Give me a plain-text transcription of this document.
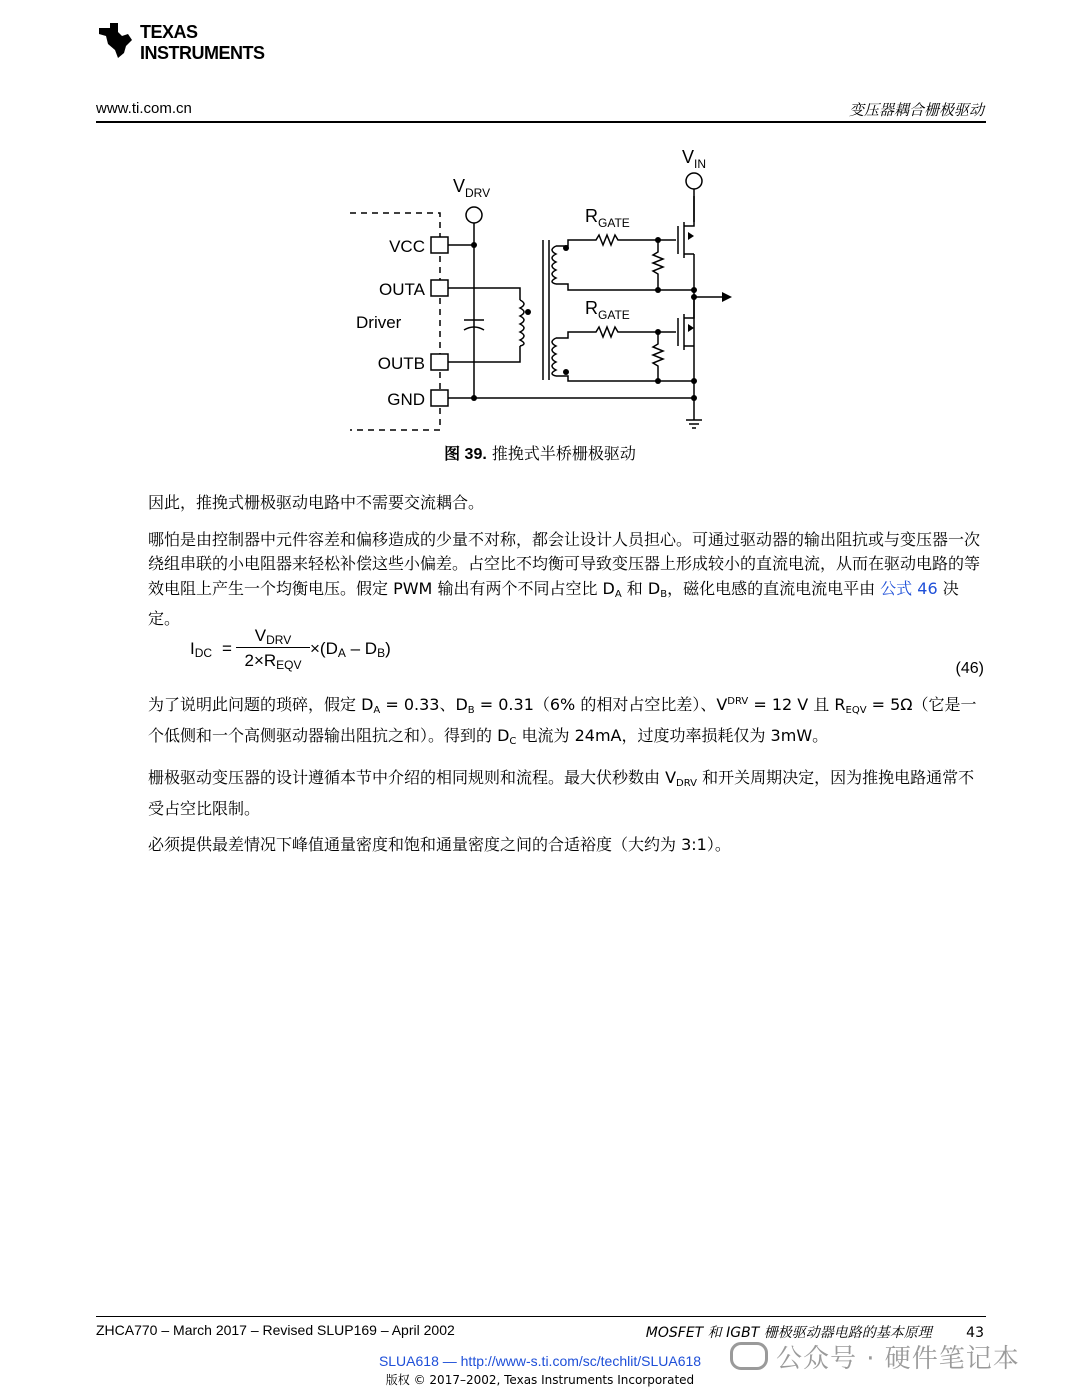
TEXAS
INSTRUMENTS
www.ti.com.cn	变压器耦合栅极驱动
$V_{IN}$
$V_{DRV}$
$R_{GATE}$
$R_{GATE}$
VCC
OUTA
Driver
OUTB
GND
图 39. 推挽式半桥栅极驱动

因此，推挽式栅极驱动电路中不需要交流耦合。

哪怕是由控制器中元件容差和偏移造成的少量不对称，都会让设计人员担心。可通过驱动器的输出阻抗或与变压器一次绕组串联的小电阻器来轻松补偿这些小偏差。占空比不均衡可导致变压器上形成较小的直流电流，从而在驱动电路的等效电阻上产生一个均衡电压。假定 PWM 输出有两个不同占空比 $D_A$ 和 $D_B$，磁化电感的直流电流电平由 公式 46 决定。

$I_{DC}$ =
$V_{DRV}$
$2\times R_{EQV}$
$\times(D_A - D_B)$
(46)

为了说明此问题的琐碎，假定 $D_A = 0.33$、$D_B = 0.31(6\%$ 的相对占空比差）、$V^{DRV} = 12$ V 且 $R_{EQV} = 5\Omega$（它是一个低侧和一个高侧驱动器输出阻抗之和）。得到的 $D_C$ 电流为 24mA，过度功率损耗仅为 3mW。

栅极驱动变压器的设计遵循本节中介绍的相同规则和流程。最大伏秒数由 $V_{DRV}$ 和开关周期决定，因为推挽电路通常不受占空比限制。

必须提供最差情况下峰值通量密度和饱和通量密度之间的合适裕度（大约为 3:1）。

ZHCA770 – March 2017 – Revised SLUP169 – April 2002	MOSFET 和 IGBT 栅极驱动器电路的基本原理 43
SLUA618 — http://www-s.ti.com/sc/techlit/SLUA618
版权 © 2017–2002, Texas Instruments Incorporated
公众号 · 硬件笔记本
